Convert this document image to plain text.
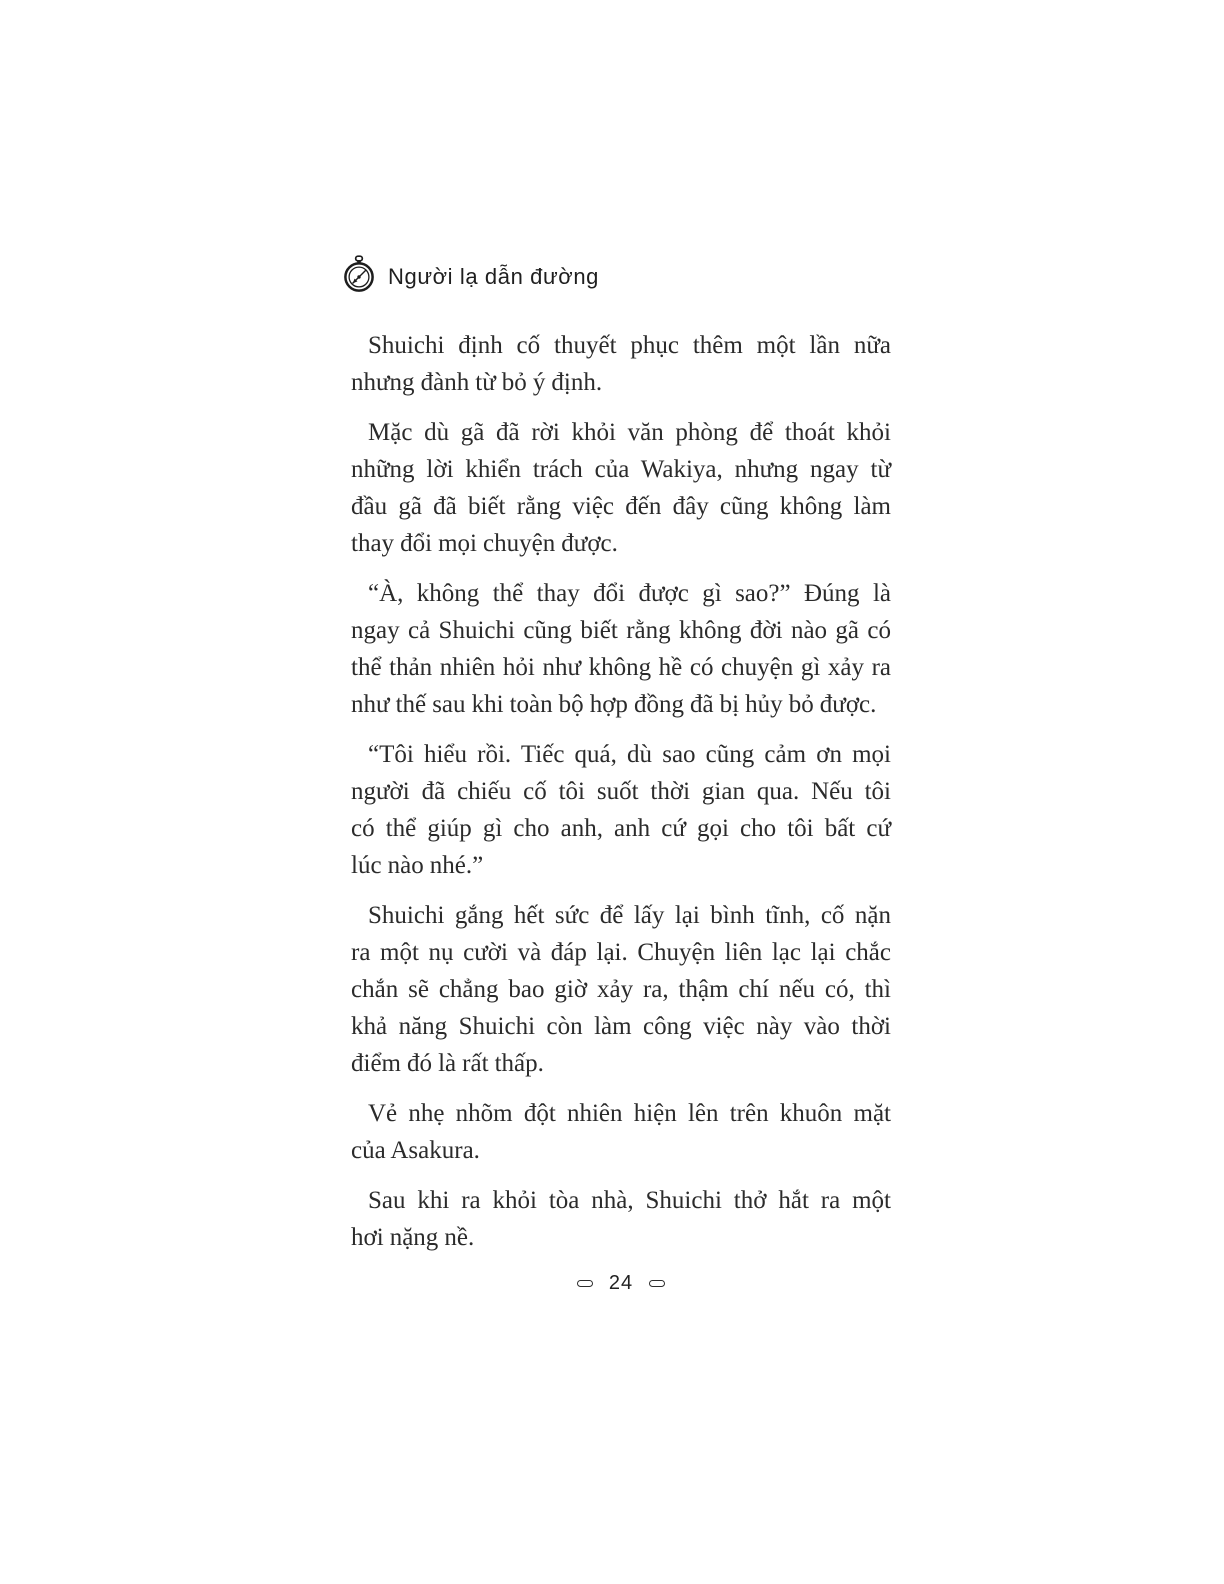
Người lạ dẫn đường
Shuichi định cố thuyết phục thêm một lần nữa
nhưng đành từ bỏ ý định.
Mặc dù gã đã rời khỏi văn phòng để thoát khỏi
những lời khiển trách của Wakiya, nhưng ngay từ
đầu gã đã biết rằng việc đến đây cũng không làm
thay đổi mọi chuyện được.
“À, không thể thay đổi được gì sao?” Đúng là
ngay cả Shuichi cũng biết rằng không đời nào gã có
thể thản nhiên hỏi như không hề có chuyện gì xảy ra
như thế sau khi toàn bộ hợp đồng đã bị hủy bỏ được.
“Tôi hiểu rồi. Tiếc quá, dù sao cũng cảm ơn mọi
người đã chiếu cố tôi suốt thời gian qua. Nếu tôi
có thể giúp gì cho anh, anh cứ gọi cho tôi bất cứ
lúc nào nhé.”
Shuichi gắng hết sức để lấy lại bình tĩnh, cố nặn
ra một nụ cười và đáp lại. Chuyện liên lạc lại chắc
chắn sẽ chẳng bao giờ xảy ra, thậm chí nếu có, thì
khả năng Shuichi còn làm công việc này vào thời
điểm đó là rất thấp.
Vẻ nhẹ nhõm đột nhiên hiện lên trên khuôn mặt
của Asakura.
Sau khi ra khỏi tòa nhà, Shuichi thở hắt ra một
hơi nặng nề.
24
